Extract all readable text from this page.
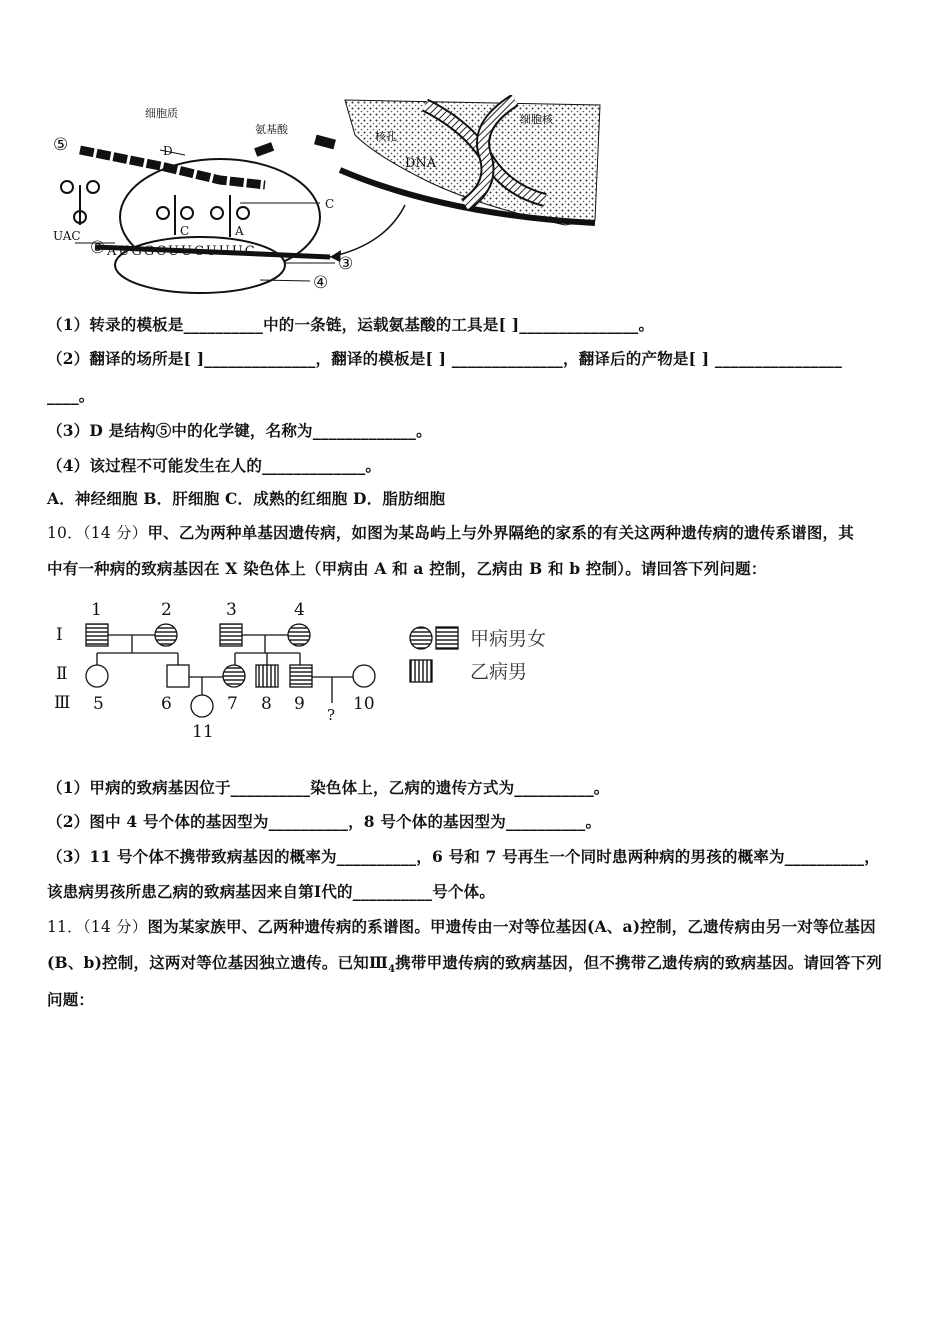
细胞质
氨基酸
核孔
细胞核
DNA
D
C
UAC	C	A
AUGGCUUCUUUC
⑤
③
③
④
（1）转录的模板是__________中的一条链，运载氨基酸的工具是[ ]_______________。
（2）翻译的场所是[ ]______________，翻译的模板是[ ] ______________，翻译后的产物是[ ] ________________
____。
（3）D 是结构⑤中的化学键，名称为_____________。
（4）该过程不可能发生在人的_____________。
A．神经细胞 B．肝细胞 C．成熟的红细胞 D．脂肪细胞
10．（14 分）甲、乙为两种单基因遗传病，如图为某岛屿上与外界隔绝的家系的有关这两种遗传病的遗传系谱图，其
中有一种病的致病基因在 X 染色体上（甲病由 A 和 a 控制，乙病由 B 和 b 控制）。请回答下列问题：
Ⅰ
Ⅱ
Ⅲ
1	2	3	4
5	6	7 8 9	10
11
?
甲病男女
乙病男
（1）甲病的致病基因位于__________染色体上，乙病的遗传方式为__________。
（2）图中 4 号个体的基因型为__________，8 号个体的基因型为__________。
（3）11 号个体不携带致病基因的概率为__________，6 号和 7 号再生一个同时患两种病的男孩的概率为__________，
该患病男孩所患乙病的致病基因来自第Ⅰ代的__________号个体。
11．（14 分）图为某家族甲、乙两种遗传病的系谱图。甲遗传由一对等位基因(A、a)控制，乙遗传病由另一对等位基因
(B、b)控制，这两对等位基因独立遗传。已知$Ⅲ_4$携带甲遗传病的致病基因，但不携带乙遗传病的致病基因。请回答下列
问题：
